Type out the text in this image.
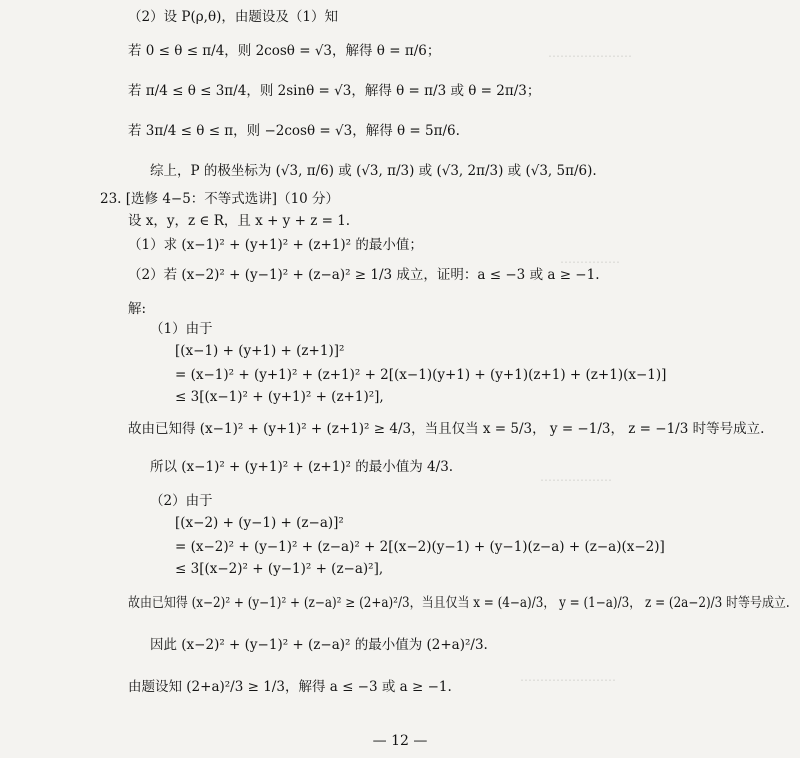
…………………
……………
………………
……………………
（2）设 P(ρ,θ)，由题设及（1）知
若 0 ≤ θ ≤ π/4，则 2cosθ = √3，解得 θ = π/6；
若 π/4 ≤ θ ≤ 3π/4，则 2sinθ = √3，解得 θ = π/3 或 θ = 2π/3；
若 3π/4 ≤ θ ≤ π，则 −2cosθ = √3，解得 θ = 5π/6.
综上，P 的极坐标为 (√3, π/6) 或 (√3, π/3) 或 (√3, 2π/3) 或 (√3, 5π/6).
23. [选修 4−5：不等式选讲]（10 分）
设 x，y，z ∈ R，且 x + y + z = 1.
（1）求 (x−1)² + (y+1)² + (z+1)² 的最小值；
（2）若 (x−2)² + (y−1)² + (z−a)² ≥ 1/3 成立，证明：a ≤ −3 或 a ≥ −1.
解:
（1）由于
[(x−1) + (y+1) + (z+1)]²
= (x−1)² + (y+1)² + (z+1)² + 2[(x−1)(y+1) + (y+1)(z+1) + (z+1)(x−1)]
≤ 3[(x−1)² + (y+1)² + (z+1)²],
故由已知得 (x−1)² + (y+1)² + (z+1)² ≥ 4/3，当且仅当 x = 5/3， y = −1/3， z = −1/3 时等号成立.
所以 (x−1)² + (y+1)² + (z+1)² 的最小值为 4/3.
（2）由于
[(x−2) + (y−1) + (z−a)]²
= (x−2)² + (y−1)² + (z−a)² + 2[(x−2)(y−1) + (y−1)(z−a) + (z−a)(x−2)]
≤ 3[(x−2)² + (y−1)² + (z−a)²],
故由已知得 (x−2)² + (y−1)² + (z−a)² ≥ (2+a)²/3，当且仅当 x = (4−a)/3， y = (1−a)/3， z = (2a−2)/3 时等号成立.
因此 (x−2)² + (y−1)² + (z−a)² 的最小值为 (2+a)²/3.
由题设知 (2+a)²/3 ≥ 1/3，解得 a ≤ −3 或 a ≥ −1.
— 12 —
